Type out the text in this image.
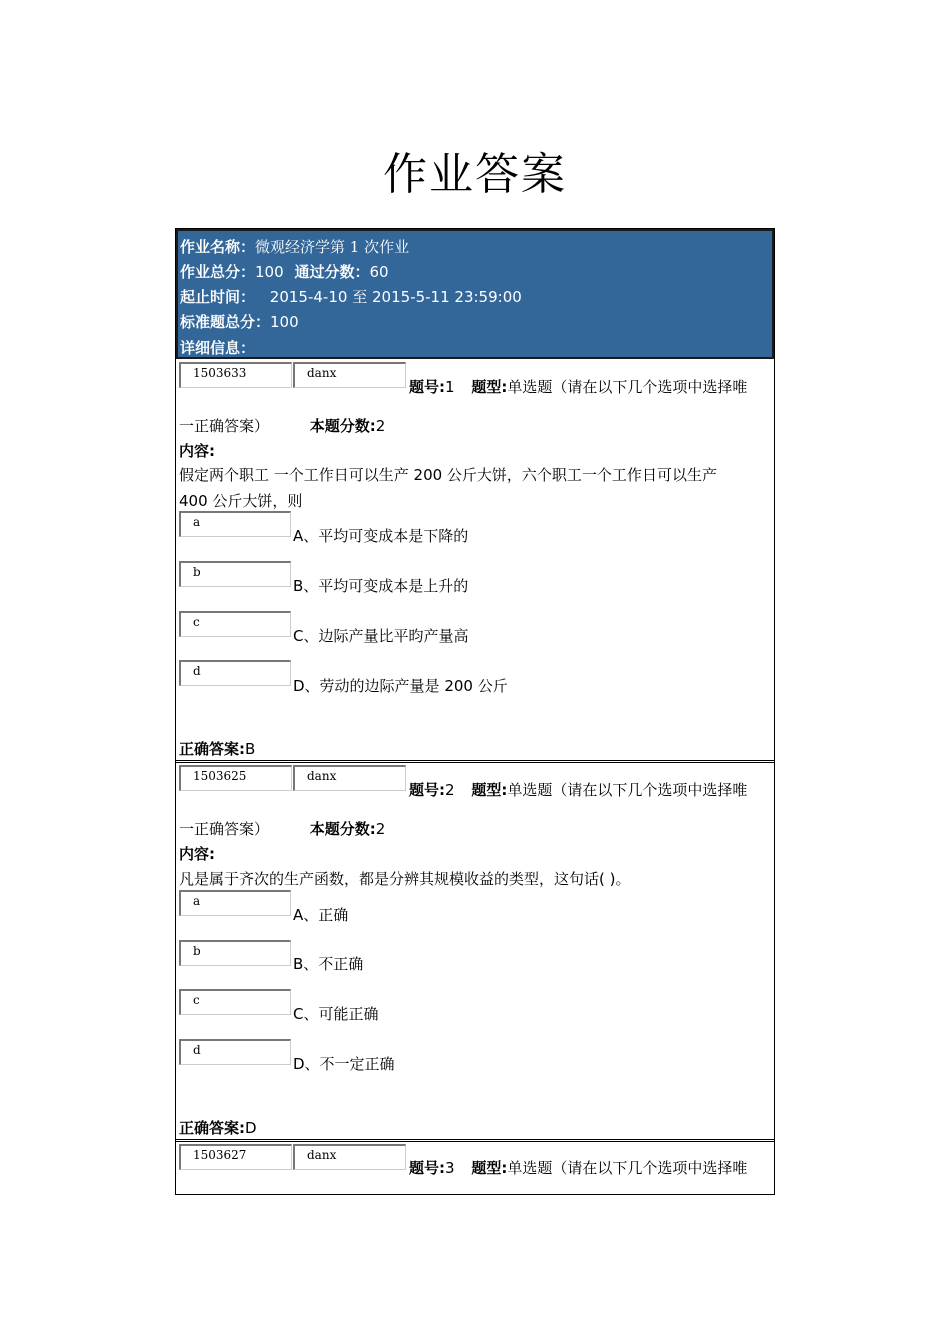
作业答案
作业名称：微观经济学第 1 次作业
作业总分：100 通过分数：60
起止时间： 2015-4-10 至 2015-5-11 23:59:00
标准题总分：100
详细信息：
1503633	danx
题号:1 题型:单选题（请在以下几个选项中选择唯
一正确答案）	本题分数:2
内容:
假定两个职工 一个工作日可以生产 200 公斤大饼，六个职工一个工作日可以生产
400 公斤大饼，则
a
A、平均可变成本是下降的
b
B、平均可变成本是上升的
c
C、边际产量比平昀产量高
d
D、劳动的边际产量是 200 公斤
正确答案:B
1503625	danx
题号:2 题型:单选题（请在以下几个选项中选择唯
一正确答案）	本题分数:2
内容:
凡是属于齐次的生产函数，都是分辨其规模收益的类型，这句话( )。
a
A、正确
b
B、不正确
c
C、可能正确
d
D、不一定正确
正确答案:D
1503627	danx
题号:3 题型:单选题（请在以下几个选项中选择唯
